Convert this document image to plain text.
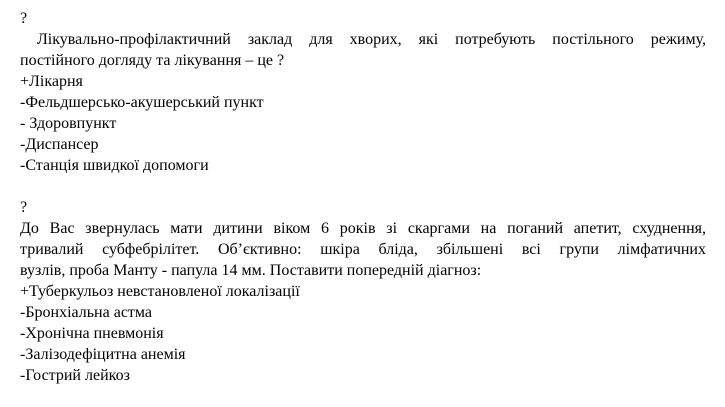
?
Лікувально-профілактичний заклад для хворих, які потребують постільного режиму,
постійного догляду та лікування – це ?
+Лікарня
-Фельдшерсько-акушерський пункт
- Здоровпункт
-Диспансер
-Станція швидкої допомоги
?
До Вас звернулась мати дитини віком 6 років зі скаргами на поганий апетит, схуднення,
тривалий субфебрілітет. Об’єктивно: шкіра бліда, збільшені всі групи лімфатичних
вузлів, проба Манту - папула 14 мм. Поставити попередній діагноз:
+Туберкульоз невстановленої локалізації
-Бронхіальна астма
-Хронічна пневмонія
-Залізодефіцитна анемія
-Гострий лейкоз
